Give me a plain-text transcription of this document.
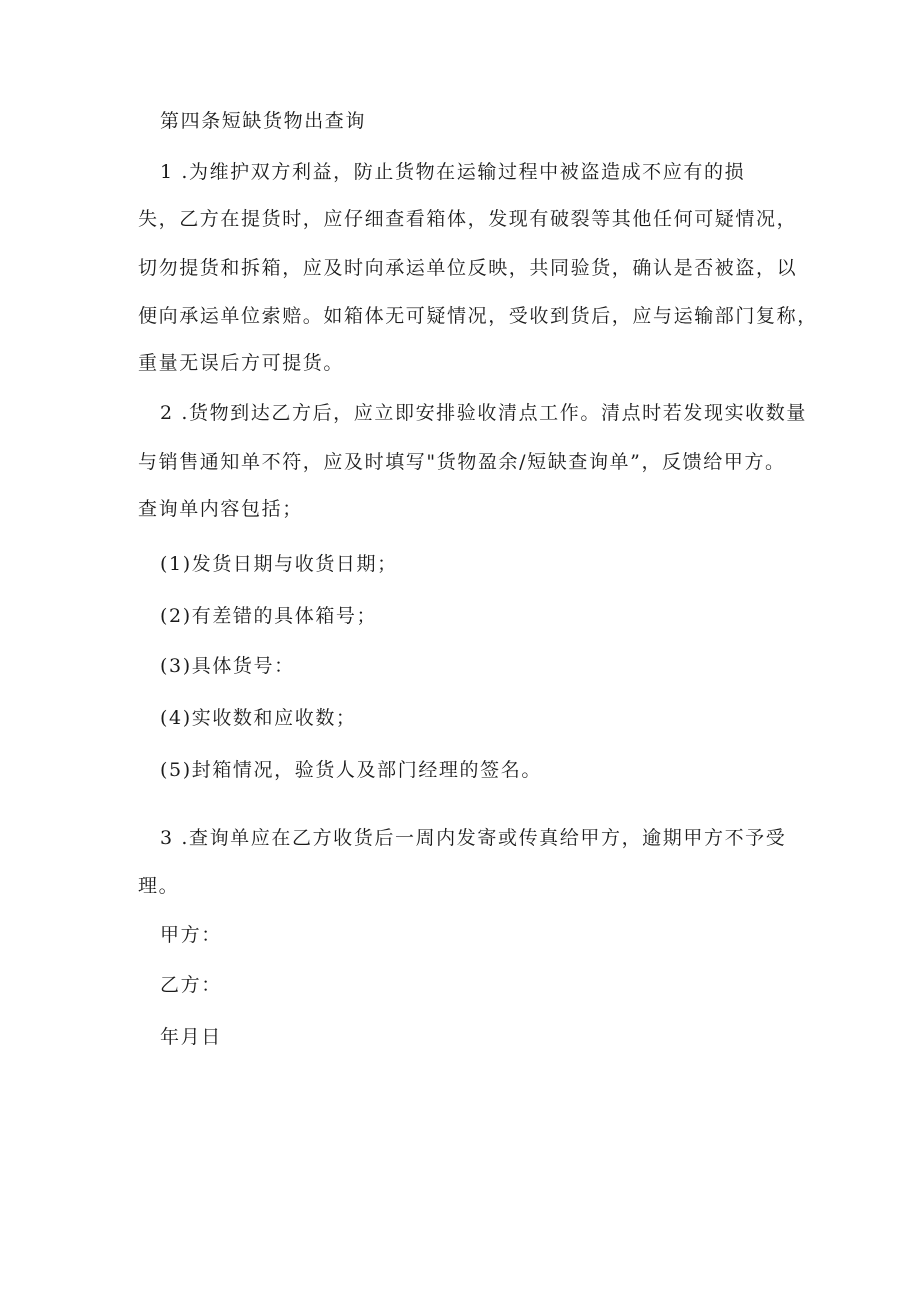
第四条短缺货物出查询
1 .为维护双方利益，防止货物在运输过程中被盗造成不应有的损
失，乙方在提货时，应仔细查看箱体，发现有破裂等其他任何可疑情况，
切勿提货和拆箱，应及时向承运单位反映，共同验货，确认是否被盗，以
便向承运单位索赔。如箱体无可疑情况，受收到货后，应与运输部门复称，
重量无误后方可提货。
2 .货物到达乙方后，应立即安排验收清点工作。清点时若发现实收数量
与销售通知单不符，应及时填写"货物盈余/短缺查询单”，反馈给甲方。
查询单内容包括；
(1)发货日期与收货日期；
(2)有差错的具体箱号；
(3)具体货号：
(4)实收数和应收数；
(5)封箱情况，验货人及部门经理的签名。
3 .查询单应在乙方收货后一周内发寄或传真给甲方，逾期甲方不予受
理。
甲方：
乙方：
年月日
